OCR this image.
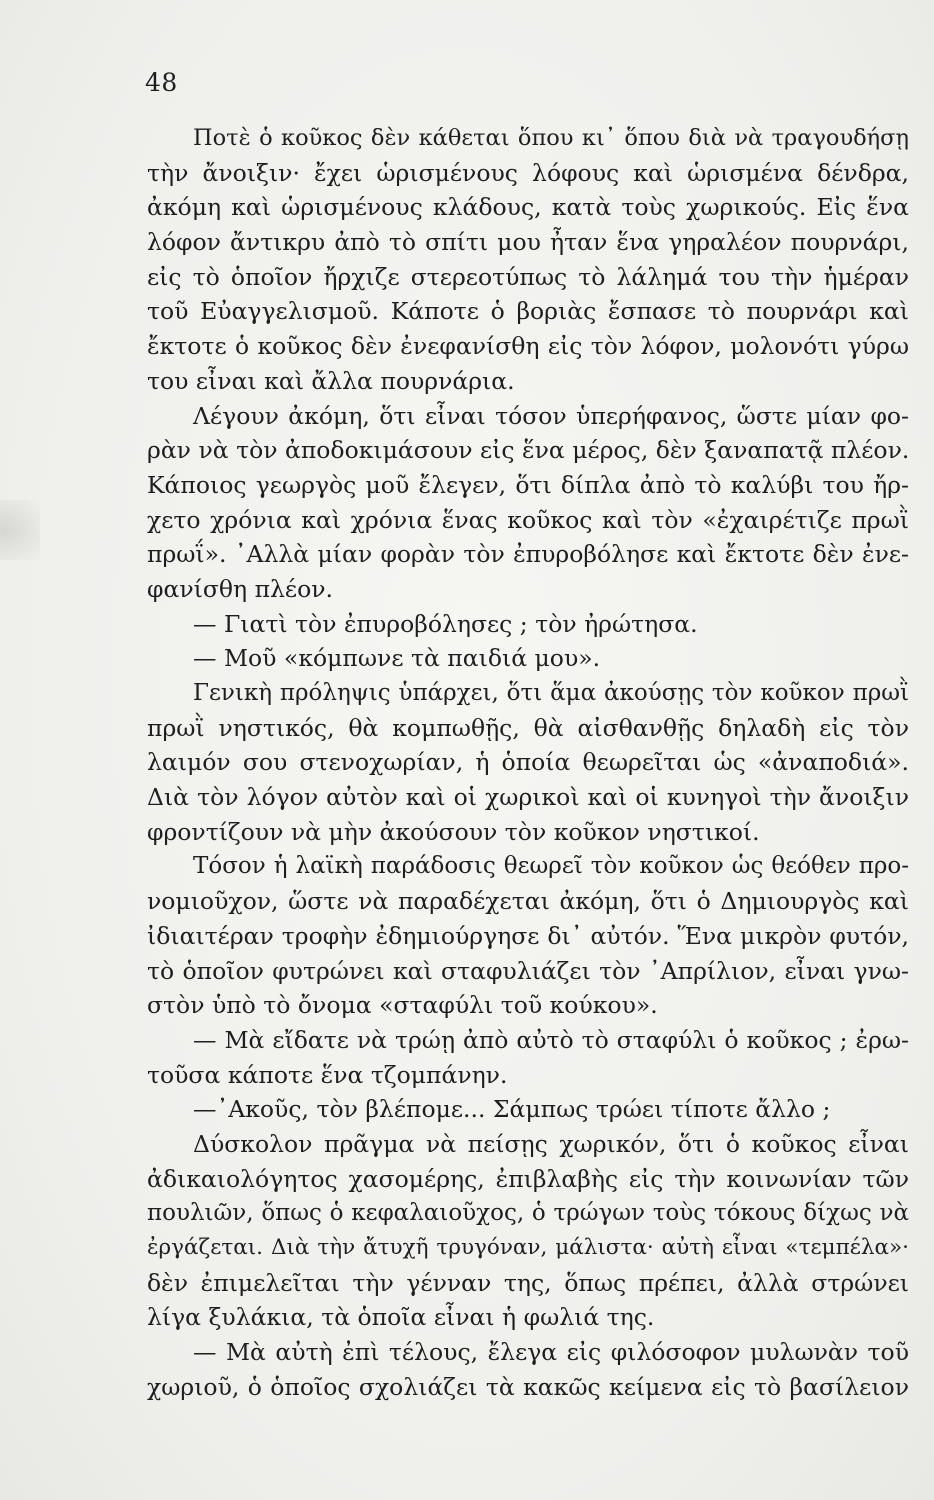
48
Ποτὲ ὁ κοῦκος δὲν κάθεται ὅπου κι᾽ ὅπου διὰ νὰ τραγουδήσῃ
τὴν ἄνοιξιν· ἔχει ὡρισμένους λόφους καὶ ὡρισμένα δένδρα,
ἀκόμη καὶ ὡρισμένους κλάδους, κατὰ τοὺς χωρικούς. Εἰς ἕνα
λόφον ἄντικρυ ἀπὸ τὸ σπίτι μου ἦταν ἕνα γηραλέον πουρνάρι,
εἰς τὸ ὁποῖον ἤρχιζε στερεοτύπως τὸ λάλημά του τὴν ἡμέραν
τοῦ Εὐαγγελισμοῦ. Κάποτε ὁ βοριὰς ἔσπασε τὸ πουρνάρι καὶ
ἔκτοτε ὁ κοῦκος δὲν ἐνεφανίσθη εἰς τὸν λόφον, μολονότι γύρω
του εἶναι καὶ ἄλλα πουρνάρια.
Λέγουν ἀκόμη, ὅτι εἶναι τόσον ὑπερήφανος, ὥστε μίαν φο-
ρὰν νὰ τὸν ἀποδοκιμάσουν εἰς ἕνα μέρος, δὲν ξαναπατᾷ πλέον.
Κάποιος γεωργὸς μοῦ ἔλεγεν, ὅτι δίπλα ἀπὸ τὸ καλύβι του ἤρ-
χετο χρόνια καὶ χρόνια ἕνας κοῦκος καὶ τὸν «ἐχαιρέτιζε πρωῒ
πρωΐ». ᾽Αλλὰ μίαν φορὰν τὸν ἐπυροβόλησε καὶ ἔκτοτε δὲν ἐνε-
φανίσθη πλέον.
— Γιατὶ τὸν ἐπυροβόλησες ; τὸν ἠρώτησα.
— Μοῦ «κόμπωνε τὰ παιδιά μου».
Γενικὴ πρόληψις ὑπάρχει, ὅτι ἅμα ἀκούσῃς τὸν κοῦκον πρωῒ
πρωῒ νηστικός, θὰ κομπωθῇς, θὰ αἰσθανθῇς δηλαδὴ εἰς τὸν
λαιμόν σου στενοχωρίαν, ἡ ὁποία θεωρεῖται ὡς «ἀναποδιά».
Διὰ τὸν λόγον αὐτὸν καὶ οἱ χωρικοὶ καὶ οἱ κυνηγοὶ τὴν ἄνοιξιν
φροντίζουν νὰ μὴν ἀκούσουν τὸν κοῦκον νηστικοί.
Τόσον ἡ λαϊκὴ παράδοσις θεωρεῖ τὸν κοῦκον ὡς θεόθεν προ-
νομιοῦχον, ὥστε νὰ παραδέχεται ἀκόμη, ὅτι ὁ Δημιουργὸς καὶ
ἰδιαιτέραν τροφὴν ἐδημιούργησε δι᾽ αὐτόν. Ἕνα μικρὸν φυτόν,
τὸ ὁποῖον φυτρώνει καὶ σταφυλιάζει τὸν ᾽Απρίλιον, εἶναι γνω-
στὸν ὑπὸ τὸ ὄνομα «σταφύλι τοῦ κούκου».
— Μὰ εἴδατε νὰ τρώῃ ἀπὸ αὐτὸ τὸ σταφύλι ὁ κοῦκος ; ἐρω-
τοῦσα κάποτε ἕνα τζομπάνην.
—᾽Ακοῦς, τὸν βλέπομε... Σάμπως τρώει τίποτε ἄλλο ;
Δύσκολον πρᾶγμα νὰ πείσῃς χωρικόν, ὅτι ὁ κοῦκος εἶναι
ἀδικαιολόγητος χασομέρης, ἐπιβλαβὴς εἰς τὴν κοινωνίαν τῶν
πουλιῶν, ὅπως ὁ κεφαλαιοῦχος, ὁ τρώγων τοὺς τόκους δίχως νὰ
ἐργάζεται. Διὰ τὴν ἄτυχῆ τρυγόναν, μάλιστα· αὐτὴ εἶναι «τεμπέλα»·
δὲν ἐπιμελεῖται τὴν γένναν της, ὅπως πρέπει, ἀλλὰ στρώνει
λίγα ξυλάκια, τὰ ὁποῖα εἶναι ἡ φωλιά της.
— Μὰ αὐτὴ ἐπὶ τέλους, ἔλεγα εἰς φιλόσοφον μυλωνὰν τοῦ
χωριοῦ, ὁ ὁποῖος σχολιάζει τὰ κακῶς κείμενα εἰς τὸ βασίλειον
